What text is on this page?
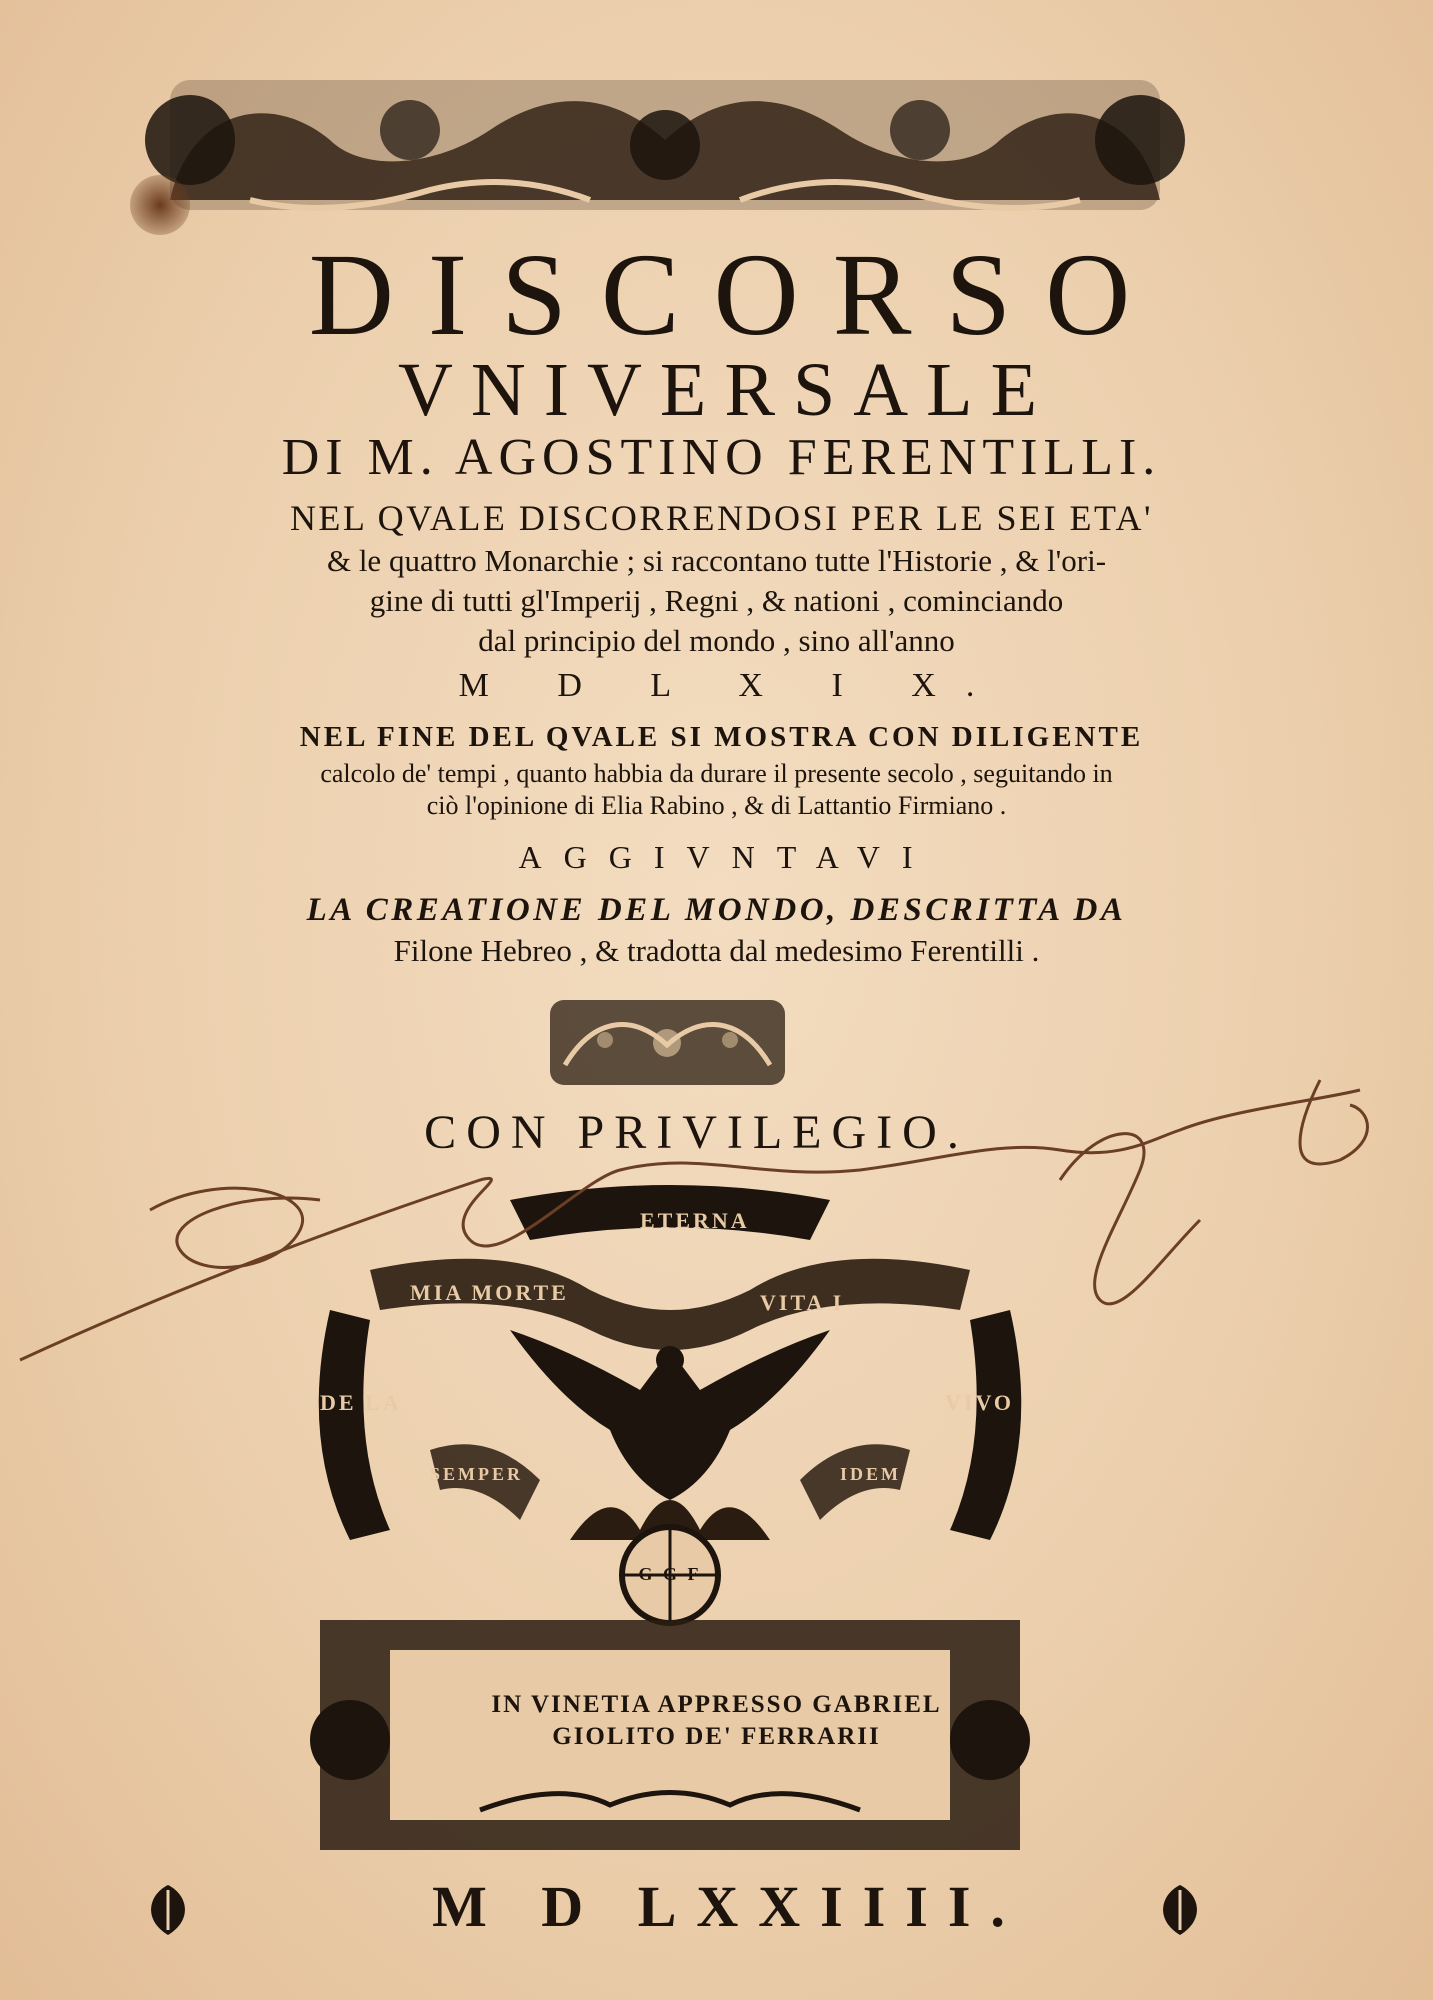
DISCORSO
VNIVERSALE
DI M. AGOSTINO FERENTILLI.
NEL QVALE DISCORRENDOSI PER LE SEI ETA'
& le quattro Monarchie ; si raccontano tutte l'Historie , & l'ori-
gine di tutti gl'Imperij , Regni , & nationi , cominciando
dal principio del mondo , sino all'anno
M D L X I X.
NEL FINE DEL QVALE SI MOSTRA CON DILIGENTE
calcolo de' tempi , quanto habbia da durare il presente secolo , seguitando in
ciò l'opinione di Elia Rabino , & di Lattantio Firmiano .
AGGIVNTAVI
LA CREATIONE DEL MONDO, DESCRITTA DA
Filone Hebreo , & tradotta dal medesimo Ferentilli .
CON PRIVILEGIO.
ETERNA
MIA MORTE	VITA I
DE LA	VIVO
SEMPER	IDEM
G G F
IN VINETIA APPRESSO GABRIEL
GIOLITO DE' FERRARII
M D LXXIIII.
